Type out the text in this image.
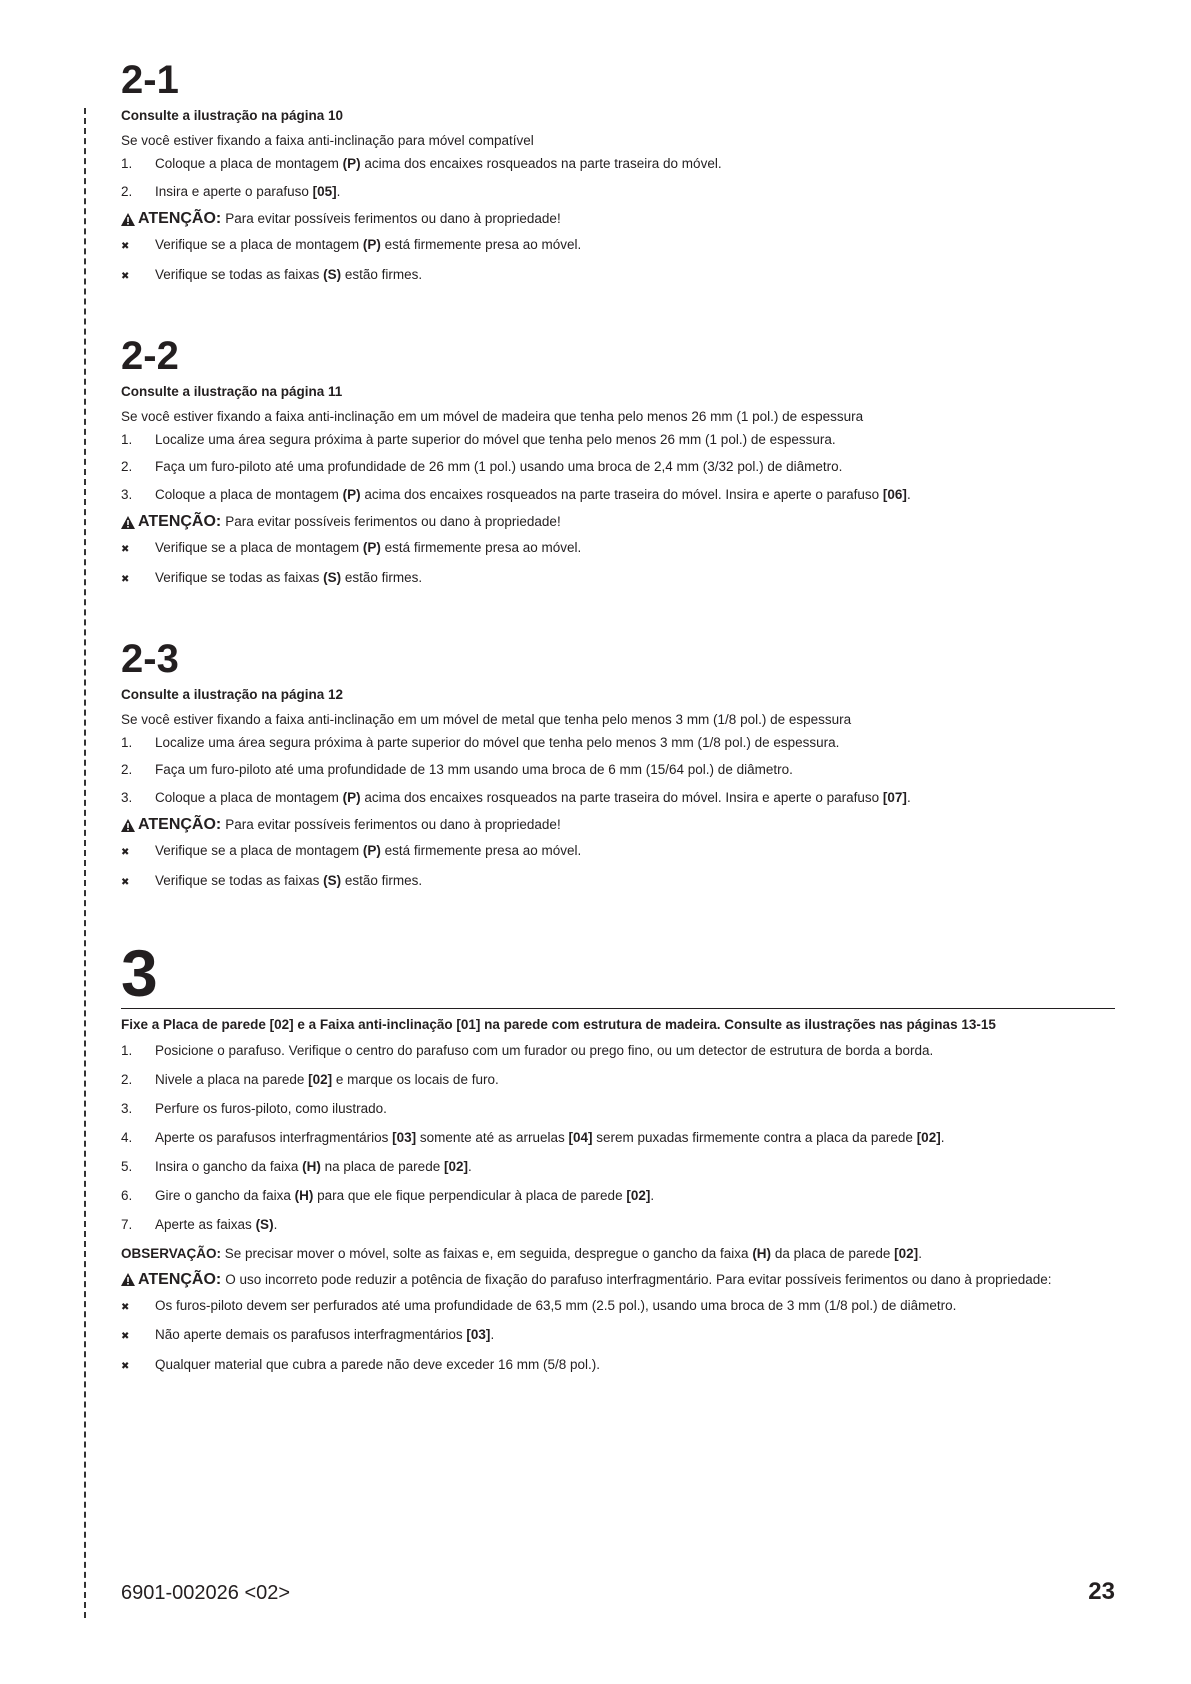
2-1
Consulte a ilustração na página 10
Se você estiver fixando a faixa anti-inclinação para móvel compatível
1.	Coloque a placa de montagem (P) acima dos encaixes rosqueados na parte traseira do móvel.
2.	Insira e aperte o parafuso [05].
ATENÇÃO: Para evitar possíveis ferimentos ou dano à propriedade!
✖	Verifique se a placa de montagem (P) está firmemente presa ao móvel.
✖	Verifique se todas as faixas (S) estão firmes.
2-2
Consulte a ilustração na página 11
Se você estiver fixando a faixa anti-inclinação em um móvel de madeira que tenha pelo menos 26 mm (1 pol.) de espessura
1.	Localize uma área segura próxima à parte superior do móvel que tenha pelo menos 26 mm (1 pol.) de espessura.
2.	Faça um furo-piloto até uma profundidade de 26 mm (1 pol.) usando uma broca de 2,4 mm (3/32 pol.) de diâmetro.
3.	Coloque a placa de montagem (P) acima dos encaixes rosqueados na parte traseira do móvel. Insira e aperte o parafuso [06].
ATENÇÃO: Para evitar possíveis ferimentos ou dano à propriedade!
✖	Verifique se a placa de montagem (P) está firmemente presa ao móvel.
✖	Verifique se todas as faixas (S) estão firmes.
2-3
Consulte a ilustração na página 12
Se você estiver fixando a faixa anti-inclinação em um móvel de metal que tenha pelo menos 3 mm (1/8 pol.) de espessura
1.	Localize uma área segura próxima à parte superior do móvel que tenha pelo menos 3 mm (1/8 pol.) de espessura.
2.	Faça um furo-piloto até uma profundidade de 13 mm usando uma broca de 6 mm (15/64 pol.) de diâmetro.
3.	Coloque a placa de montagem (P) acima dos encaixes rosqueados na parte traseira do móvel. Insira e aperte o parafuso [07].
ATENÇÃO: Para evitar possíveis ferimentos ou dano à propriedade!
✖	Verifique se a placa de montagem (P) está firmemente presa ao móvel.
✖	Verifique se todas as faixas (S) estão firmes.
3
Fixe a Placa de parede [02] e a Faixa anti-inclinação [01] na parede com estrutura de madeira. Consulte as ilustrações nas páginas 13-15
1.	Posicione o parafuso. Verifique o centro do parafuso com um furador ou prego fino, ou um detector de estrutura de borda a borda.
2.	Nivele a placa na parede [02] e marque os locais de furo.
3.	Perfure os furos-piloto, como ilustrado.
4.	Aperte os parafusos interfragmentários [03] somente até as arruelas [04] serem puxadas firmemente contra a placa da parede [02].
5.	Insira o gancho da faixa (H) na placa de parede [02].
6.	Gire o gancho da faixa (H) para que ele fique perpendicular à placa de parede [02].
7.	Aperte as faixas (S).
OBSERVAÇÃO: Se precisar mover o móvel, solte as faixas e, em seguida, despregue o gancho da faixa (H) da placa de parede [02].
ATENÇÃO: O uso incorreto pode reduzir a potência de fixação do parafuso interfragmentário. Para evitar possíveis ferimentos ou dano à propriedade:
✖	Os furos-piloto devem ser perfurados até uma profundidade de 63,5 mm (2.5 pol.), usando uma broca de 3 mm (1/8 pol.) de diâmetro.
✖	Não aperte demais os parafusos interfragmentários [03].
✖	Qualquer material que cubra a parede não deve exceder 16 mm (5/8 pol.).
6901-002026 <02>	23
